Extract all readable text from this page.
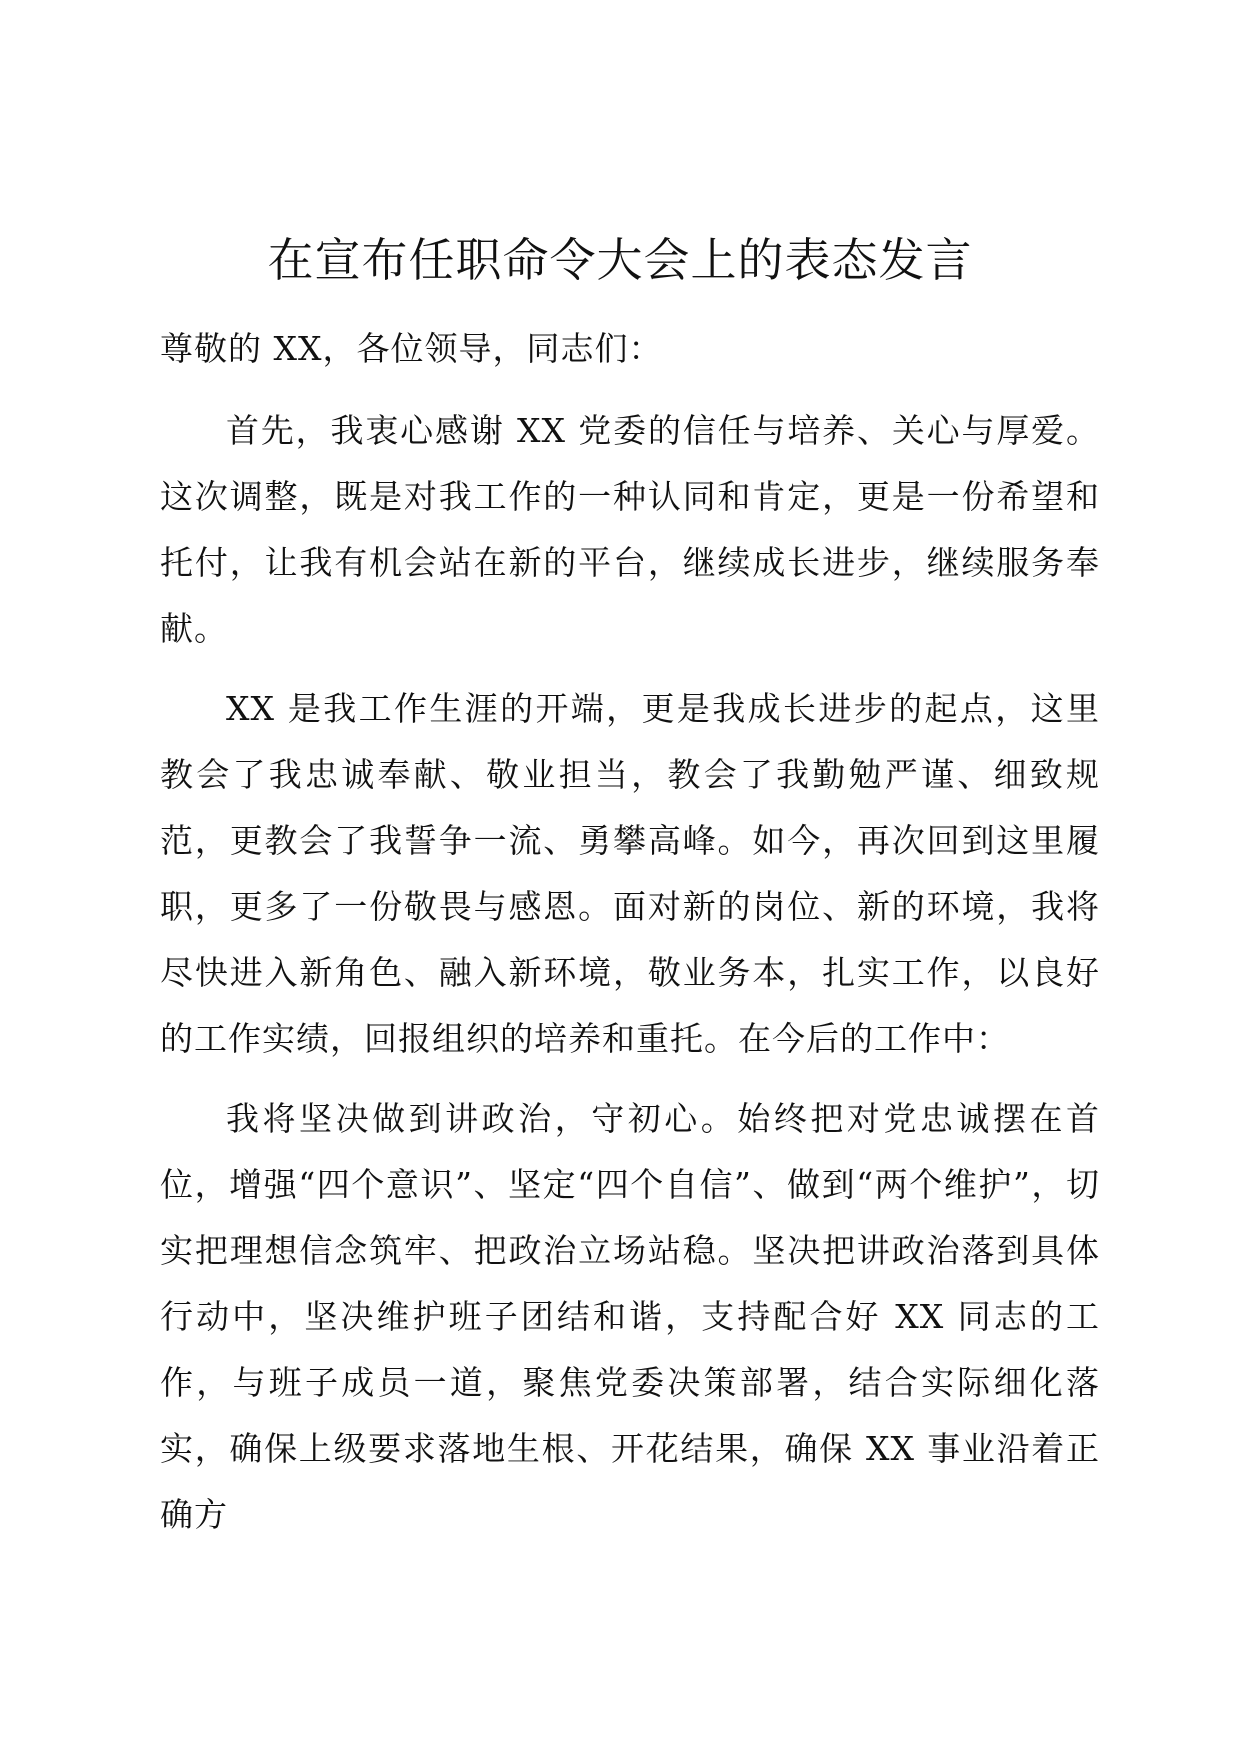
在宣布任职命令大会上的表态发言

尊敬的 XX，各位领导，同志们：

首先，我衷心感谢 XX 党委的信任与培养、关心与厚爱。这次调整，既是对我工作的一种认同和肯定，更是一份希望和托付，让我有机会站在新的平台，继续成长进步，继续服务奉献。

XX 是我工作生涯的开端，更是我成长进步的起点，这里教会了我忠诚奉献、敬业担当，教会了我勤勉严谨、细致规范，更教会了我誓争一流、勇攀高峰。如今，再次回到这里履职，更多了一份敬畏与感恩。面对新的岗位、新的环境，我将尽快进入新角色、融入新环境，敬业务本，扎实工作，以良好的工作实绩，回报组织的培养和重托。在今后的工作中：

我将坚决做到讲政治，守初心。始终把对党忠诚摆在首位，增强“四个意识”、坚定“四个自信”、做到“两个维护”，切实把理想信念筑牢、把政治立场站稳。坚决把讲政治落到具体行动中，坚决维护班子团结和谐，支持配合好 XX 同志的工作，与班子成员一道，聚焦党委决策部署，结合实际细化落实，确保上级要求落地生根、开花结果，确保 XX 事业沿着正确方
